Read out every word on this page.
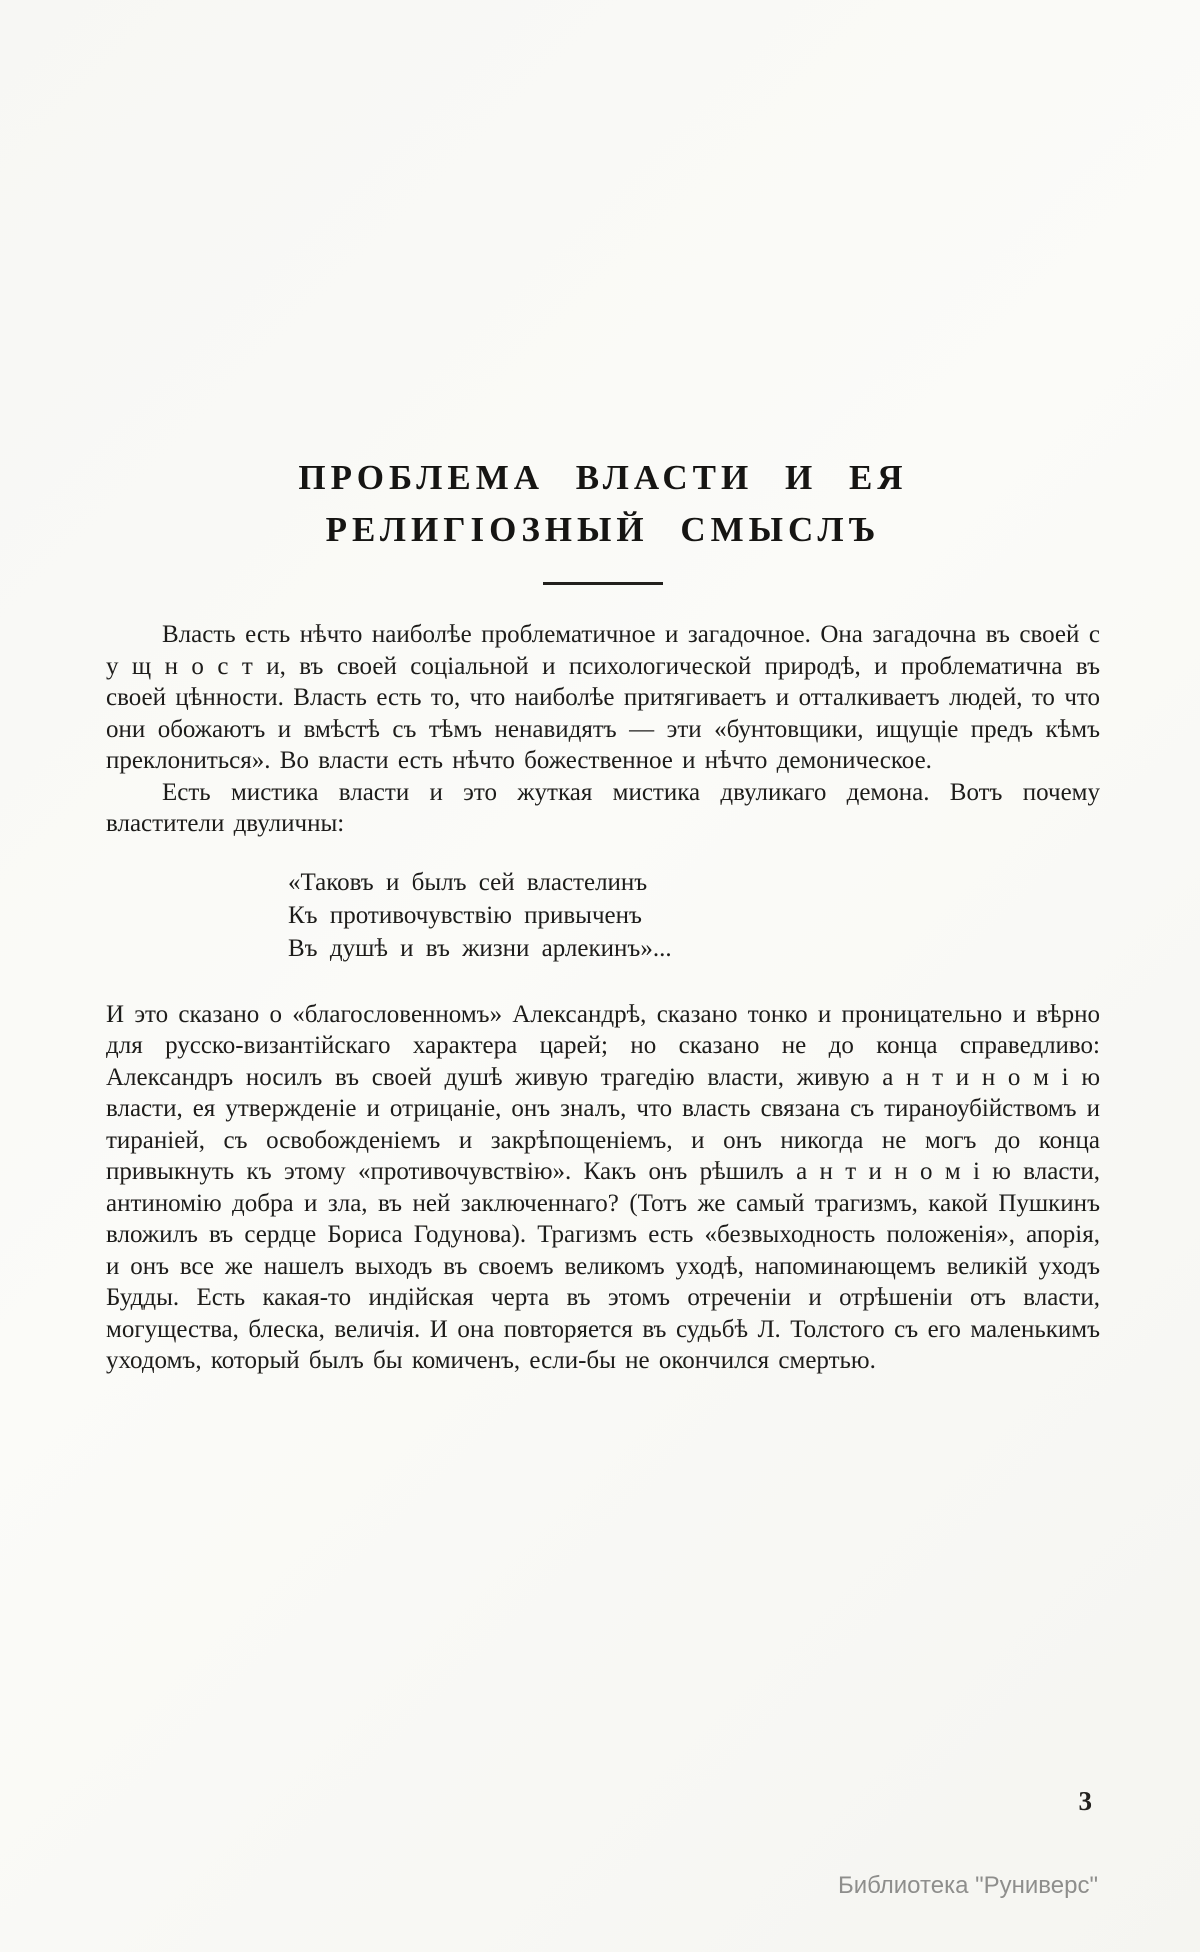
ПРОБЛЕМА ВЛАСТИ И ЕЯ
РЕЛИГІОЗНЫЙ СМЫСЛЪ

Власть есть нѣчто наиболѣе проблематичное и загадочное. Она загадочна въ своей с у щ н о с т и, въ своей соціальной и психологической природѣ, и проблематична въ своей цѣнности. Власть есть то, что наиболѣе притягиваетъ и отталкиваетъ людей, то что они обожаютъ и вмѣстѣ съ тѣмъ ненавидятъ — эти «бунтовщики, ищущіе предъ кѣмъ преклониться». Во власти есть нѣчто божественное и нѣчто демоническое.

Есть мистика власти и это жуткая мистика двуликаго демона. Вотъ почему властители двуличны:

«Таковъ и былъ сей властелинъ
Къ противочувствію привыченъ
Въ душѣ и въ жизни арлекинъ»...

И это сказано о «благословенномъ» Александрѣ, сказано тонко и проницательно и вѣрно для русско-византійскаго характера царей; но сказано не до конца справедливо: Александръ носилъ въ своей душѣ живую трагедію власти, живую а н т и н о м і ю власти, ея утвержденіе и отрицаніе, онъ зналъ, что власть связана съ тираноубійствомъ и тираніей, съ освобожденіемъ и закрѣпощеніемъ, и онъ никогда не могъ до конца привыкнуть къ этому «противочувствію». Какъ онъ рѣшилъ а н т и н о м і ю власти, антиномію добра и зла, въ ней заключеннаго? (Тотъ же самый трагизмъ, какой Пушкинъ вложилъ въ сердце Бориса Годунова). Трагизмъ есть «безвыходность положенія», апорія, и онъ все же нашелъ выходъ въ своемъ великомъ уходѣ, напоминающемъ великій уходъ Будды. Есть какая-то индійская черта въ этомъ отреченіи и отрѣшеніи отъ власти, могущества, блеска, величія. И она повторяется въ судьбѣ Л. Толстого съ его маленькимъ уходомъ, который былъ бы комиченъ, если-бы не окончился смертью.

3
Библиотека "Руниверс"
